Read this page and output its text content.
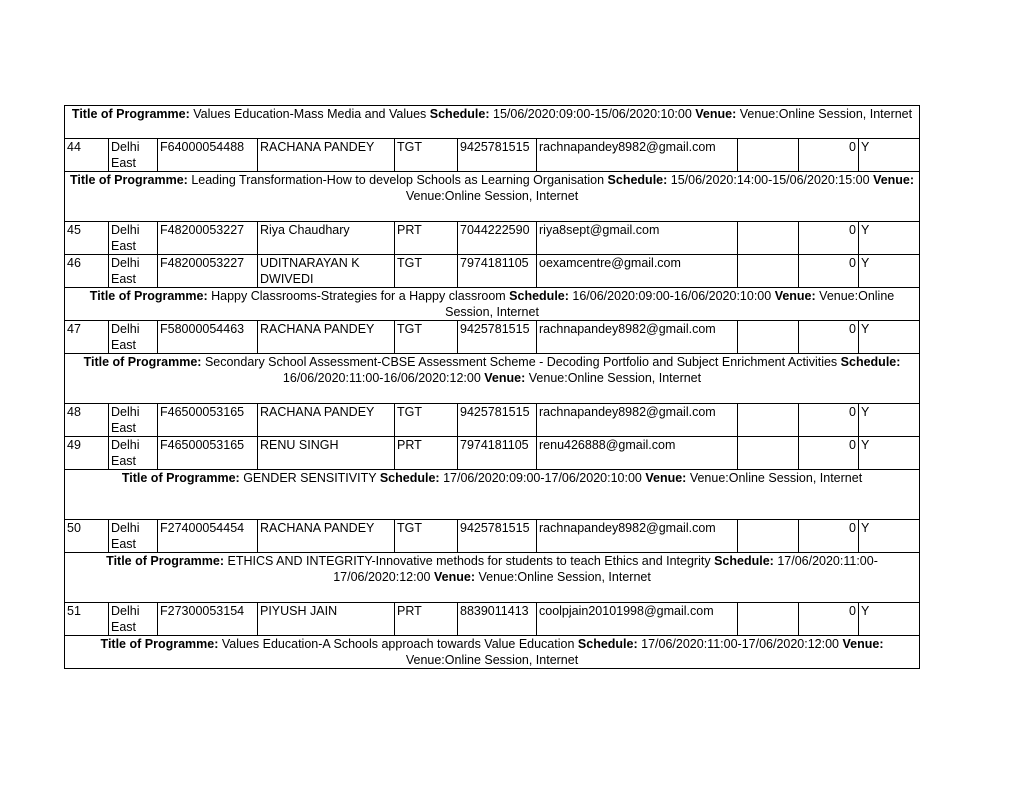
Title of Programme: Values Education-Mass Media and Values Schedule: 15/06/2020:09:00-15/06/2020:10:00 Venue: Venue:Online Session, Internet									
44	Delhi East	F64000054488	RACHANA PANDEY	TGT	9425781515	rachnapandey8982@gmail.com		0	Y
Title of Programme: Leading Transformation-How to develop Schools as Learning Organisation Schedule: 15/06/2020:14:00-15/06/2020:15:00 Venue: Venue:Online Session, Internet									
45	Delhi East	F48200053227	Riya Chaudhary	PRT	7044222590	riya8sept@gmail.com		0	Y
46	Delhi East	F48200053227	UDITNARAYAN K DWIVEDI	TGT	7974181105	oexamcentre@gmail.com		0	Y
Title of Programme: Happy Classrooms-Strategies for a Happy classroom Schedule: 16/06/2020:09:00-16/06/2020:10:00 Venue: Venue:Online Session, Internet									
47	Delhi East	F58000054463	RACHANA PANDEY	TGT	9425781515	rachnapandey8982@gmail.com		0	Y
Title of Programme: Secondary School Assessment-CBSE Assessment Scheme - Decoding Portfolio and Subject Enrichment Activities Schedule: 16/06/2020:11:00-16/06/2020:12:00 Venue: Venue:Online Session, Internet									
48	Delhi East	F46500053165	RACHANA PANDEY	TGT	9425781515	rachnapandey8982@gmail.com		0	Y
49	Delhi East	F46500053165	RENU SINGH	PRT	7974181105	renu426888@gmail.com		0	Y
Title of Programme: GENDER SENSITIVITY Schedule: 17/06/2020:09:00-17/06/2020:10:00 Venue: Venue:Online Session, Internet									
50	Delhi East	F27400054454	RACHANA PANDEY	TGT	9425781515	rachnapandey8982@gmail.com		0	Y
Title of Programme: ETHICS AND INTEGRITY-Innovative methods for students to teach Ethics and Integrity Schedule: 17/06/2020:11:00-17/06/2020:12:00 Venue: Venue:Online Session, Internet									
51	Delhi East	F27300053154	PIYUSH JAIN	PRT	8839011413	coolpjain20101998@gmail.com		0	Y
Title of Programme: Values Education-A Schools approach towards Value Education Schedule: 17/06/2020:11:00-17/06/2020:12:00 Venue: Venue:Online Session, Internet									
